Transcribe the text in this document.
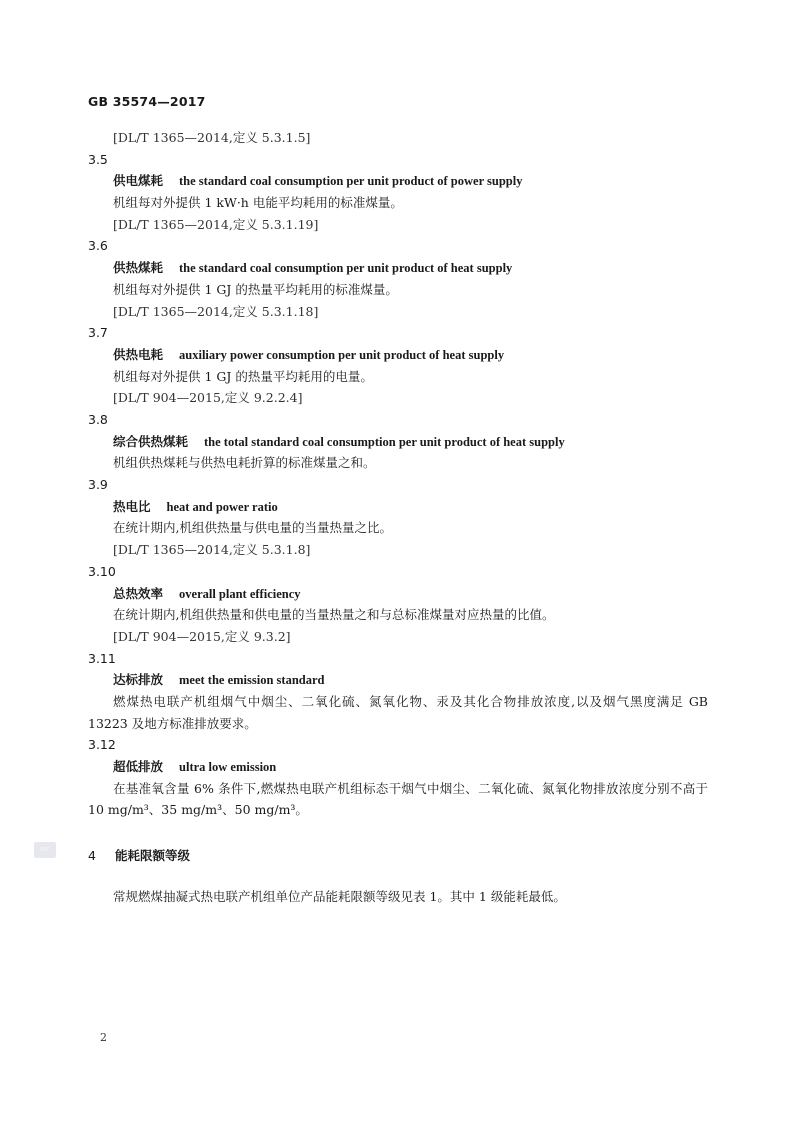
GB 35574—2017
[DL/T 1365—2014,定义 5.3.1.5]
3.5
供电煤耗 the standard coal consumption per unit product of power supply
机组每对外提供 1 kW·h 电能平均耗用的标准煤量。
[DL/T 1365—2014,定义 5.3.1.19]
3.6
供热煤耗 the standard coal consumption per unit product of heat supply
机组每对外提供 1 GJ 的热量平均耗用的标准煤量。
[DL/T 1365—2014,定义 5.3.1.18]
3.7
供热电耗 auxiliary power consumption per unit product of heat supply
机组每对外提供 1 GJ 的热量平均耗用的电量。
[DL/T 904—2015,定义 9.2.2.4]
3.8
综合供热煤耗 the total standard coal consumption per unit product of heat supply
机组供热煤耗与供热电耗折算的标准煤量之和。
3.9
热电比 heat and power ratio
在统计期内,机组供热量与供电量的当量热量之比。
[DL/T 1365—2014,定义 5.3.1.8]
3.10
总热效率 overall plant efficiency
在统计期内,机组供热量和供电量的当量热量之和与总标准煤量对应热量的比值。
[DL/T 904—2015,定义 9.3.2]
3.11
达标排放 meet the emission standard
燃煤热电联产机组烟气中烟尘、二氧化硫、氮氧化物、汞及其化合物排放浓度,以及烟气黑度满足 GB 13223 及地方标准排放要求。
3.12
超低排放 ultra low emission
在基准氧含量 6% 条件下,燃煤热电联产机组标态干烟气中烟尘、二氧化硫、氮氧化物排放浓度分别不高于 10 mg/m³、35 mg/m³、50 mg/m³。
SPC	4 能耗限额等级
常规燃煤抽凝式热电联产机组单位产品能耗限额等级见表 1。其中 1 级能耗最低。
2
